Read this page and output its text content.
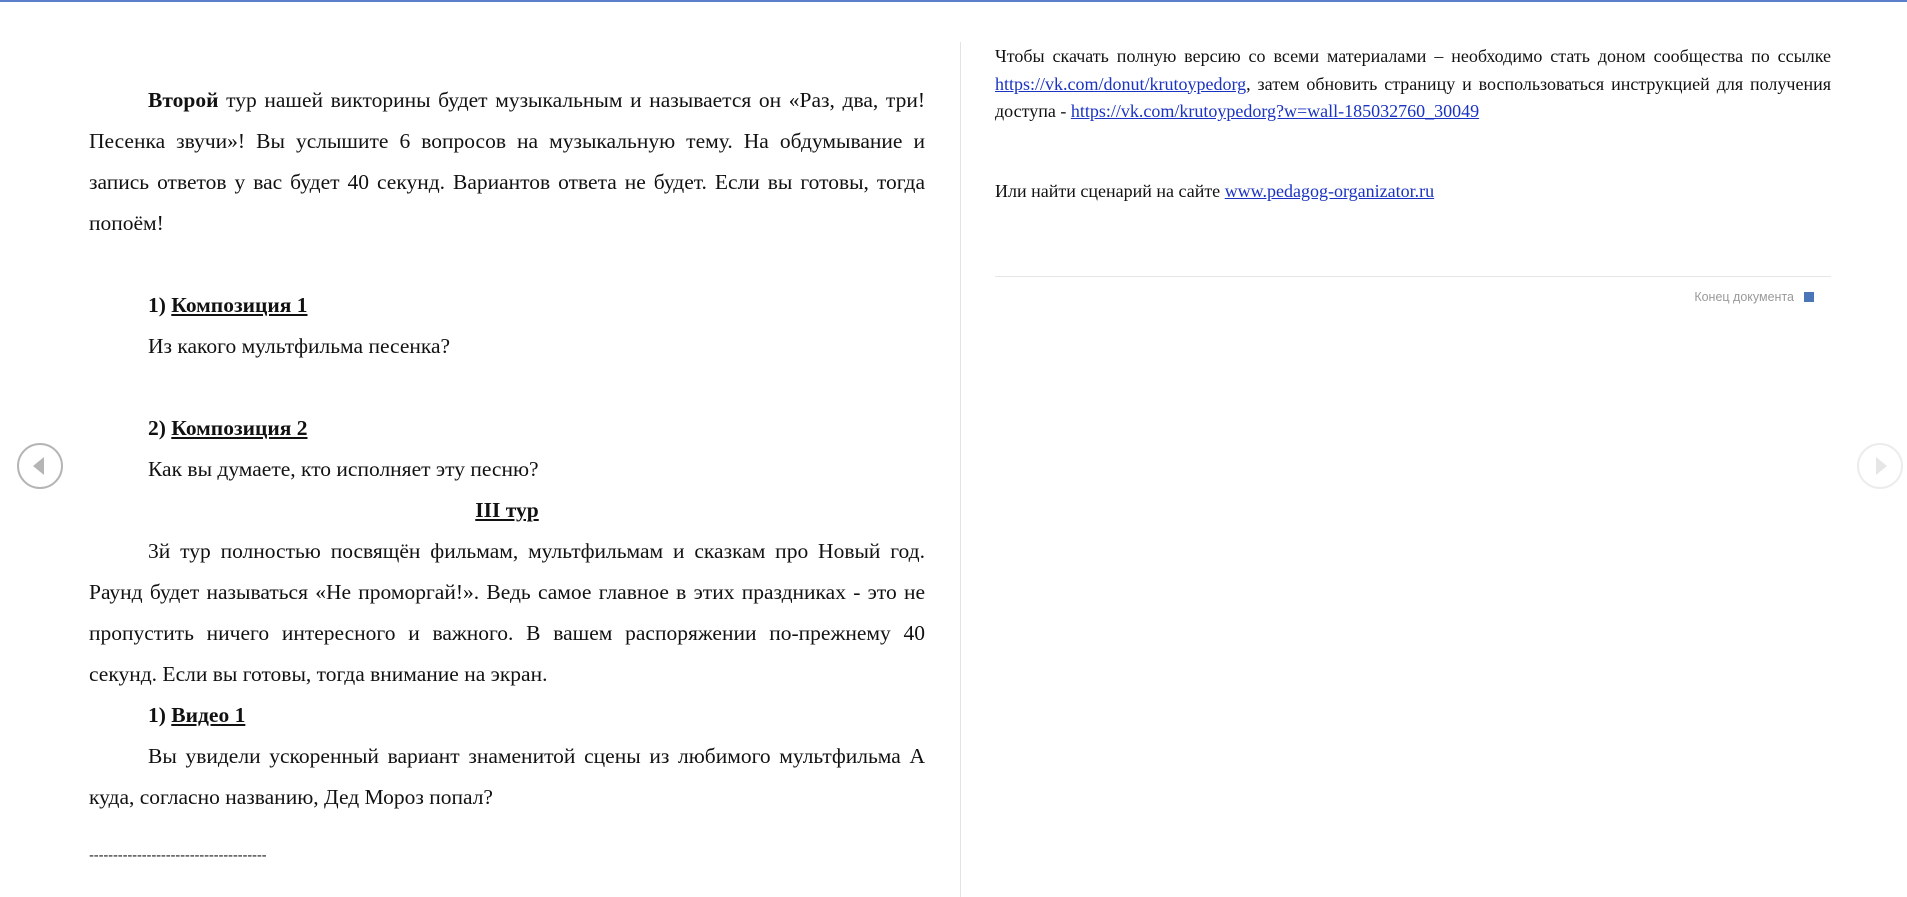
Второй тур нашей викторины будет музыкальным и называется он «Раз, два, три! Песенка звучи»! Вы услышите 6 вопросов на музыкальную тему. На обдумывание и запись ответов у вас будет 40 секунд. Вариантов ответа не будет. Если вы готовы, тогда попоём!

1) Композиция 1

Из какого мультфильма песенка?

2) Композиция 2

Как вы думаете, кто исполняет эту песню?

III тур

3й тур полностью посвящён фильмам, мультфильмам и сказкам про Новый год. Раунд будет называться «Не проморгай!». Ведь самое главное в этих праздниках - это не пропустить ничего интересного и важного. В вашем распоряжении по-прежнему 40 секунд. Если вы готовы, тогда внимание на экран.

1) Видео 1

Вы увидели ускоренный вариант знаменитой сцены из любимого мультфильма А куда, согласно названию, Дед Мороз попал?

-------------------------------------

Чтобы скачать полную версию со всеми материалами – необходимо стать доном сообщества по ссылке https://vk.com/donut/krutoypedorg, затем обновить страницу и воспользоваться инструкцией для получения доступа - https://vk.com/krutoypedorg?w=wall-185032760_30049

Или найти сценарий на сайте www.pedagog-organizator.ru

Конец документа
